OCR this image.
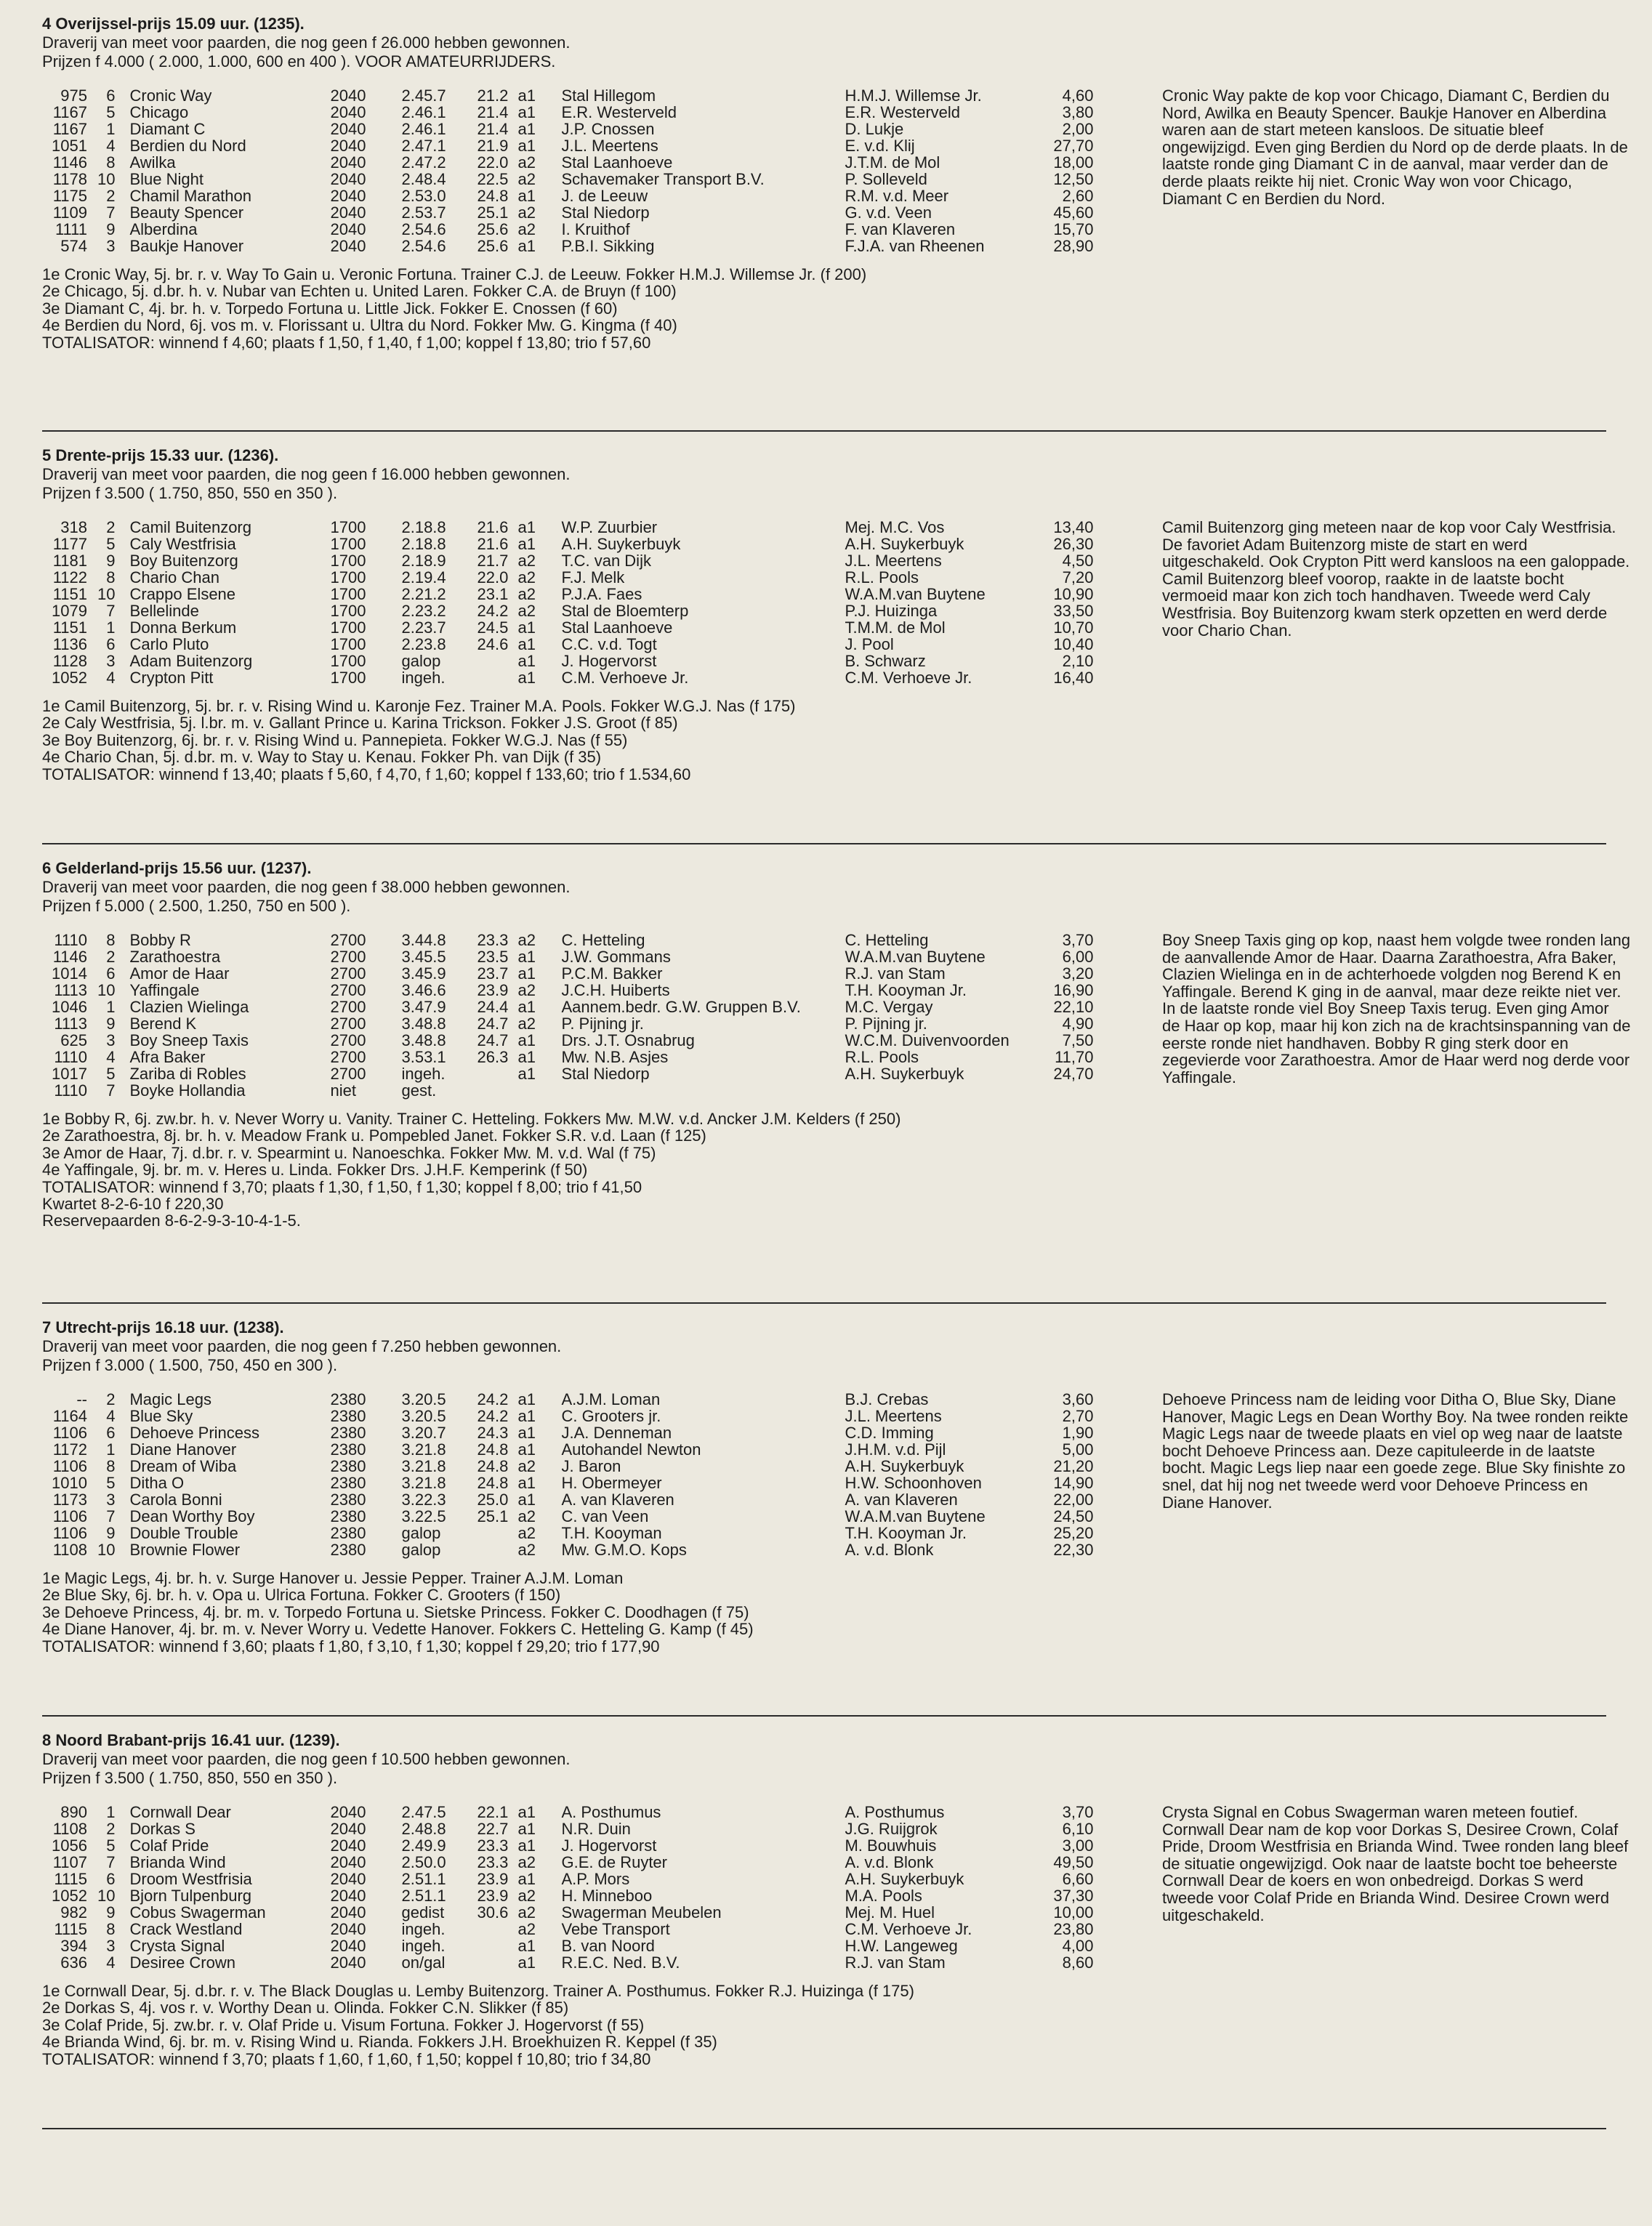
4 Overijssel-prijs 15.09 uur. (1235).
Draverij van meet voor paarden, die nog geen f 26.000 hebben gewonnen.
Prijzen f 4.000 ( 2.000, 1.000, 600 en 400 ). VOOR AMATEURRIJDERS.
975	6	Cronic Way	2040	2.45.7	21.2	a1	Stal Hillegom	H.M.J. Willemse Jr.	4,60
1167	5	Chicago	2040	2.46.1	21.4	a1	E.R. Westerveld	E.R. Westerveld	3,80
1167	1	Diamant C	2040	2.46.1	21.4	a1	J.P. Cnossen	D. Lukje	2,00
1051	4	Berdien du Nord	2040	2.47.1	21.9	a1	J.L. Meertens	E. v.d. Klij	27,70
1146	8	Awilka	2040	2.47.2	22.0	a2	Stal Laanhoeve	J.T.M. de Mol	18,00
1178	10	Blue Night	2040	2.48.4	22.5	a2	Schavemaker Transport B.V.	P. Solleveld	12,50
1175	2	Chamil Marathon	2040	2.53.0	24.8	a1	J. de Leeuw	R.M. v.d. Meer	2,60
1109	7	Beauty Spencer	2040	2.53.7	25.1	a2	Stal Niedorp	G. v.d. Veen	45,60
1111	9	Alberdina	2040	2.54.6	25.6	a2	I. Kruithof	F. van Klaveren	15,70
574	3	Baukje Hanover	2040	2.54.6	25.6	a1	P.B.I. Sikking	F.J.A. van Rheenen	28,90
Cronic Way pakte de kop voor Chicago, Diamant C, Berdien du Nord, Awilka en Beauty Spencer. Baukje Hanover en Alberdina waren aan de start meteen kansloos. De situatie bleef ongewijzigd. Even ging Berdien du Nord op de derde plaats. In de laatste ronde ging Diamant C in de aanval, maar verder dan de derde plaats reikte hij niet. Cronic Way won voor Chicago, Diamant C en Berdien du Nord.
1e Cronic Way, 5j. br. r. v. Way To Gain u. Veronic Fortuna. Trainer C.J. de Leeuw. Fokker H.M.J. Willemse Jr. (f 200)
2e Chicago, 5j. d.br. h. v. Nubar van Echten u. United Laren. Fokker C.A. de Bruyn (f 100)
3e Diamant C, 4j. br. h. v. Torpedo Fortuna u. Little Jick. Fokker E. Cnossen (f 60)
4e Berdien du Nord, 6j. vos m. v. Florissant u. Ultra du Nord. Fokker Mw. G. Kingma (f 40)
TOTALISATOR: winnend f 4,60; plaats f 1,50, f 1,40, f 1,00; koppel f 13,80; trio f 57,60
5 Drente-prijs 15.33 uur. (1236).
Draverij van meet voor paarden, die nog geen f 16.000 hebben gewonnen.
Prijzen f 3.500 ( 1.750, 850, 550 en 350 ).
318	2	Camil Buitenzorg	1700	2.18.8	21.6	a1	W.P. Zuurbier	Mej. M.C. Vos	13,40
1177	5	Caly Westfrisia	1700	2.18.8	21.6	a1	A.H. Suykerbuyk	A.H. Suykerbuyk	26,30
1181	9	Boy Buitenzorg	1700	2.18.9	21.7	a2	T.C. van Dijk	J.L. Meertens	4,50
1122	8	Chario Chan	1700	2.19.4	22.0	a2	F.J. Melk	R.L. Pools	7,20
1151	10	Crappo Elsene	1700	2.21.2	23.1	a2	P.J.A. Faes	W.A.M.van Buytene	10,90
1079	7	Bellelinde	1700	2.23.2	24.2	a2	Stal de Bloemterp	P.J. Huizinga	33,50
1151	1	Donna Berkum	1700	2.23.7	24.5	a1	Stal Laanhoeve	T.M.M. de Mol	10,70
1136	6	Carlo Pluto	1700	2.23.8	24.6	a1	C.C. v.d. Togt	J. Pool	10,40
1128	3	Adam Buitenzorg	1700	galop		a1	J. Hogervorst	B. Schwarz	2,10
1052	4	Crypton Pitt	1700	ingeh.		a1	C.M. Verhoeve Jr.	C.M. Verhoeve Jr.	16,40
Camil Buitenzorg ging meteen naar de kop voor Caly Westfrisia. De favoriet Adam Buitenzorg miste de start en werd uitgeschakeld. Ook Crypton Pitt werd kansloos na een galoppade. Camil Buitenzorg bleef voorop, raakte in de laatste bocht vermoeid maar kon zich toch handhaven. Tweede werd Caly Westfrisia. Boy Buitenzorg kwam sterk opzetten en werd derde voor Chario Chan.
1e Camil Buitenzorg, 5j. br. r. v. Rising Wind u. Karonje Fez. Trainer M.A. Pools. Fokker W.G.J. Nas (f 175)
2e Caly Westfrisia, 5j. l.br. m. v. Gallant Prince u. Karina Trickson. Fokker J.S. Groot (f 85)
3e Boy Buitenzorg, 6j. br. r. v. Rising Wind u. Pannepieta. Fokker W.G.J. Nas (f 55)
4e Chario Chan, 5j. d.br. m. v. Way to Stay u. Kenau. Fokker Ph. van Dijk (f 35)
TOTALISATOR: winnend f 13,40; plaats f 5,60, f 4,70, f 1,60; koppel f 133,60; trio f 1.534,60
6 Gelderland-prijs 15.56 uur. (1237).
Draverij van meet voor paarden, die nog geen f 38.000 hebben gewonnen.
Prijzen f 5.000 ( 2.500, 1.250, 750 en 500 ).
1110	8	Bobby R	2700	3.44.8	23.3	a2	C. Hetteling	C. Hetteling	3,70
1146	2	Zarathoestra	2700	3.45.5	23.5	a1	J.W. Gommans	W.A.M.van Buytene	6,00
1014	6	Amor de Haar	2700	3.45.9	23.7	a1	P.C.M. Bakker	R.J. van Stam	3,20
1113	10	Yaffingale	2700	3.46.6	23.9	a2	J.C.H. Huiberts	T.H. Kooyman Jr.	16,90
1046	1	Clazien Wielinga	2700	3.47.9	24.4	a1	Aannem.bedr. G.W. Gruppen B.V.	M.C. Vergay	22,10
1113	9	Berend K	2700	3.48.8	24.7	a2	P. Pijning jr.	P. Pijning jr.	4,90
625	3	Boy Sneep Taxis	2700	3.48.8	24.7	a1	Drs. J.T. Osnabrug	W.C.M. Duivenvoorden	7,50
1110	4	Afra Baker	2700	3.53.1	26.3	a1	Mw. N.B. Asjes	R.L. Pools	11,70
1017	5	Zariba di Robles	2700	ingeh.		a1	Stal Niedorp	A.H. Suykerbuyk	24,70
1110	7	Boyke Hollandia	niet	gest.					
Boy Sneep Taxis ging op kop, naast hem volgde twee ronden lang de aanvallende Amor de Haar. Daarna Zarathoestra, Afra Baker, Clazien Wielinga en in de achterhoede volgden nog Berend K en Yaffingale. Berend K ging in de aanval, maar deze reikte niet ver. In de laatste ronde viel Boy Sneep Taxis terug. Even ging Amor de Haar op kop, maar hij kon zich na de krachtsinspanning van de eerste ronde niet handhaven. Bobby R ging sterk door en zegevierde voor Zarathoestra. Amor de Haar werd nog derde voor Yaffingale.
1e Bobby R, 6j. zw.br. h. v. Never Worry u. Vanity. Trainer C. Hetteling. Fokkers Mw. M.W. v.d. Ancker J.M. Kelders (f 250)
2e Zarathoestra, 8j. br. h. v. Meadow Frank u. Pompebled Janet. Fokker S.R. v.d. Laan (f 125)
3e Amor de Haar, 7j. d.br. r. v. Spearmint u. Nanoeschka. Fokker Mw. M. v.d. Wal (f 75)
4e Yaffingale, 9j. br. m. v. Heres u. Linda. Fokker Drs. J.H.F. Kemperink (f 50)
TOTALISATOR: winnend f 3,70; plaats f 1,30, f 1,50, f 1,30; koppel f 8,00; trio f 41,50
Kwartet 8-2-6-10 f 220,30
Reservepaarden 8-6-2-9-3-10-4-1-5.
7 Utrecht-prijs 16.18 uur. (1238).
Draverij van meet voor paarden, die nog geen f 7.250 hebben gewonnen.
Prijzen f 3.000 ( 1.500, 750, 450 en 300 ).
--	2	Magic Legs	2380	3.20.5	24.2	a1	A.J.M. Loman	B.J. Crebas	3,60
1164	4	Blue Sky	2380	3.20.5	24.2	a1	C. Grooters jr.	J.L. Meertens	2,70
1106	6	Dehoeve Princess	2380	3.20.7	24.3	a1	J.A. Denneman	C.D. Imming	1,90
1172	1	Diane Hanover	2380	3.21.8	24.8	a1	Autohandel Newton	J.H.M. v.d. Pijl	5,00
1106	8	Dream of Wiba	2380	3.21.8	24.8	a2	J. Baron	A.H. Suykerbuyk	21,20
1010	5	Ditha O	2380	3.21.8	24.8	a1	H. Obermeyer	H.W. Schoonhoven	14,90
1173	3	Carola Bonni	2380	3.22.3	25.0	a1	A. van Klaveren	A. van Klaveren	22,00
1106	7	Dean Worthy Boy	2380	3.22.5	25.1	a2	C. van Veen	W.A.M.van Buytene	24,50
1106	9	Double Trouble	2380	galop		a2	T.H. Kooyman	T.H. Kooyman Jr.	25,20
1108	10	Brownie Flower	2380	galop		a2	Mw. G.M.O. Kops	A. v.d. Blonk	22,30
Dehoeve Princess nam de leiding voor Ditha O, Blue Sky, Diane Hanover, Magic Legs en Dean Worthy Boy. Na twee ronden reikte Magic Legs naar de tweede plaats en viel op weg naar de laatste bocht Dehoeve Princess aan. Deze capituleerde in de laatste bocht. Magic Legs liep naar een goede zege. Blue Sky finishte zo snel, dat hij nog net tweede werd voor Dehoeve Princess en Diane Hanover.
1e Magic Legs, 4j. br. h. v. Surge Hanover u. Jessie Pepper. Trainer A.J.M. Loman
2e Blue Sky, 6j. br. h. v. Opa u. Ulrica Fortuna. Fokker C. Grooters (f 150)
3e Dehoeve Princess, 4j. br. m. v. Torpedo Fortuna u. Sietske Princess. Fokker C. Doodhagen (f 75)
4e Diane Hanover, 4j. br. m. v. Never Worry u. Vedette Hanover. Fokkers C. Hetteling G. Kamp (f 45)
TOTALISATOR: winnend f 3,60; plaats f 1,80, f 3,10, f 1,30; koppel f 29,20; trio f 177,90
8 Noord Brabant-prijs 16.41 uur. (1239).
Draverij van meet voor paarden, die nog geen f 10.500 hebben gewonnen.
Prijzen f 3.500 ( 1.750, 850, 550 en 350 ).
890	1	Cornwall Dear	2040	2.47.5	22.1	a1	A. Posthumus	A. Posthumus	3,70
1108	2	Dorkas S	2040	2.48.8	22.7	a1	N.R. Duin	J.G. Ruijgrok	6,10
1056	5	Colaf Pride	2040	2.49.9	23.3	a1	J. Hogervorst	M. Bouwhuis	3,00
1107	7	Brianda Wind	2040	2.50.0	23.3	a2	G.E. de Ruyter	A. v.d. Blonk	49,50
1115	6	Droom Westfrisia	2040	2.51.1	23.9	a1	A.P. Mors	A.H. Suykerbuyk	6,60
1052	10	Bjorn Tulpenburg	2040	2.51.1	23.9	a2	H. Minneboo	M.A. Pools	37,30
982	9	Cobus Swagerman	2040	gedist	30.6	a2	Swagerman Meubelen	Mej. M. Huel	10,00
1115	8	Crack Westland	2040	ingeh.		a2	Vebe Transport	C.M. Verhoeve Jr.	23,80
394	3	Crysta Signal	2040	ingeh.		a1	B. van Noord	H.W. Langeweg	4,00
636	4	Desiree Crown	2040	on/gal		a1	R.E.C. Ned. B.V.	R.J. van Stam	8,60
Crysta Signal en Cobus Swagerman waren meteen foutief. Cornwall Dear nam de kop voor Dorkas S, Desiree Crown, Colaf Pride, Droom Westfrisia en Brianda Wind. Twee ronden lang bleef de situatie ongewijzigd. Ook naar de laatste bocht toe beheerste Cornwall Dear de koers en won onbedreigd. Dorkas S werd tweede voor Colaf Pride en Brianda Wind. Desiree Crown werd uitgeschakeld.
1e Cornwall Dear, 5j. d.br. r. v. The Black Douglas u. Lemby Buitenzorg. Trainer A. Posthumus. Fokker R.J. Huizinga (f 175)
2e Dorkas S, 4j. vos r. v. Worthy Dean u. Olinda. Fokker C.N. Slikker (f 85)
3e Colaf Pride, 5j. zw.br. r. v. Olaf Pride u. Visum Fortuna. Fokker J. Hogervorst (f 55)
4e Brianda Wind, 6j. br. m. v. Rising Wind u. Rianda. Fokkers J.H. Broekhuizen R. Keppel (f 35)
TOTALISATOR: winnend f 3,70; plaats f 1,60, f 1,60, f 1,50; koppel f 10,80; trio f 34,80
